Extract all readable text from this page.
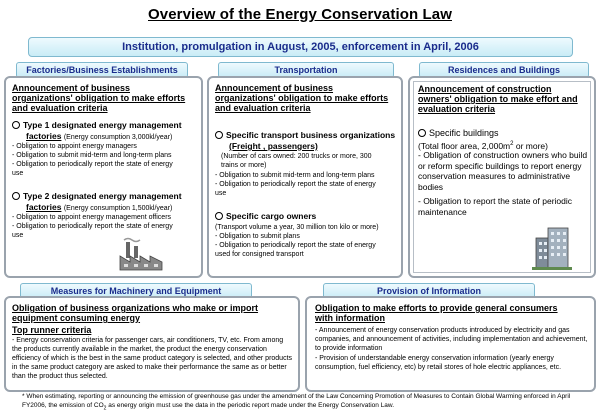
Overview of the Energy Conservation Law
Institution, promulgation in August, 2005, enforcement in April, 2006
Factories/Business Establishments	Transportation	Residences and Buildings
Announcement of business
organizations' obligation to make efforts
and evaluation criteria
Type 1 designated energy management
factories (Energy consumption 3,000kl/year)
- Obligation to appoint energy managers
- Obligation to submit mid-term and long-term plans
- Obligation to periodically report the state of energy
use
Type 2 designated energy management
factories (Energy consumption 1,500kl/year)
- Obligation to appoint energy management officers
- Obligation to periodically report the state of energy
use
Announcement of business
organizations' obligation to make efforts
and evaluation criteria
Specific transport business organizations
(Freight , passengers)
(Number of cars owned: 200 trucks or more, 300
trains or more)
- Obligation to submit mid-term and long-term plans
- Obligation to periodically report the state of energy
use
Specific cargo owners
(Transport volume a year, 30 million ton kilo or more)
- Obligation to submit plans
- Obligation to periodically report the state of energy
used for consigned transport
Announcement of construction
owners' obligation to make effort and
evaluation criteria
Specific buildings
(Total floor area, $2,000m^2$ or more)
- Obligation of construction owners who build or reform specific buildings to report energy conservation measures to administrative bodies
- Obligation to report the state of periodic maintenance
Measures for Machinery and Equipment	Provision of Information
Obligation of business organizations who make or import
equipment consuming energy
Top runner criteria
- Energy conservation criteria for passenger cars, air conditioners, TV, etc. From among the products currently available in the market, the product the energy conservation efficiency of which is the best in the same product category is selected, and other products in the same product category are asked to make their performance the same as or better than the product thus selected.
Obligation to make efforts to provide general consumers
with information
- Announcement of energy conservation products introduced by electricity and gas companies, and announcement of activities, including implementation and achievement, to provide information
- Provision of understandable energy conservation information (yearly energy consumption, fuel efficiency, etc) by retail stores of hole electric appliances, etc.
* When estimating, reporting or announcing the emission of greenhouse gas under the amendment of the Law Concerning Promotion of Measures to Contain Global Warming enforced in April FY2006, the emission of $CO_2$ as energy origin must use the data in the periodic report made under the Energy Conservation Law.
